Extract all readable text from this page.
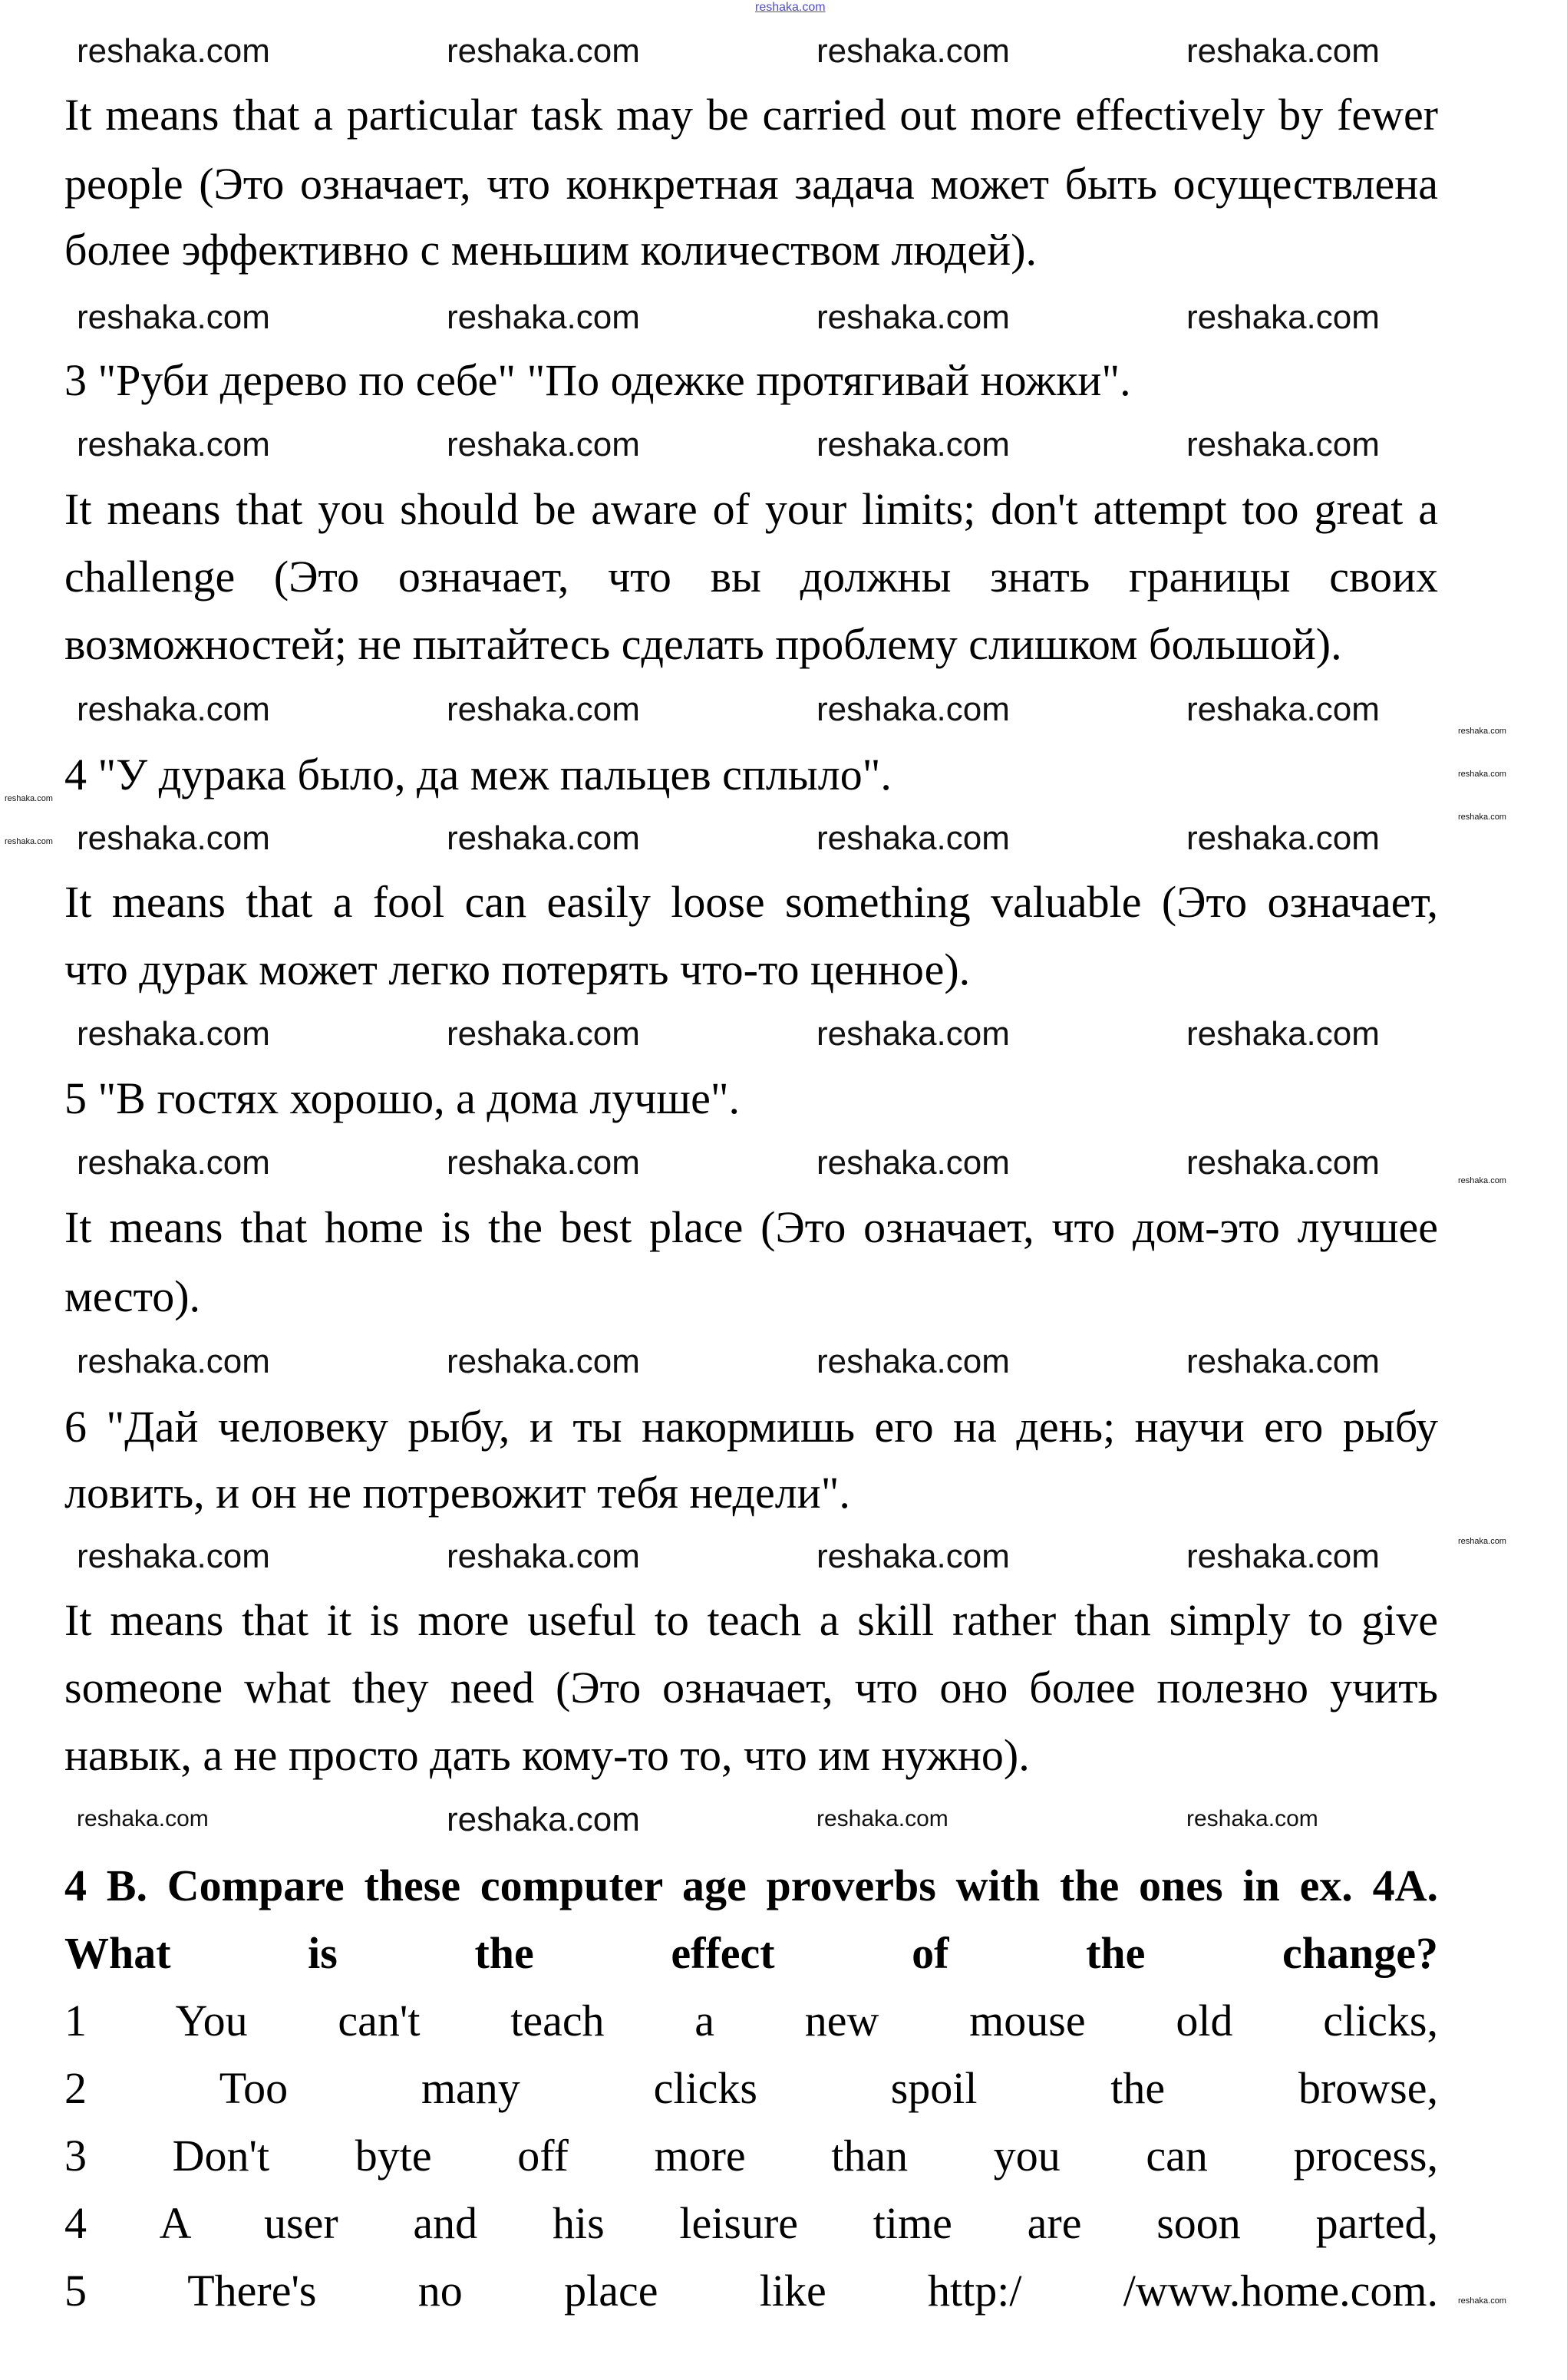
reshaka.com
It means that a particular task may be carried out more effectively by fewer
people (Это означает, что конкретная задача может быть осуществлена
более эффективно с меньшим количеством людей).
3 "Руби дерево по себе" "По одежке протягивай ножки".
It means that you should be aware of your limits; don't attempt too great a
challenge (Это означает, что вы должны знать границы своих
возможностей; не пытайтесь сделать проблему слишком большой).
4 "У дурака было, да меж пальцев сплыло".
It means that a fool can easily loose something valuable (Это означает,
что дурак может легко потерять что-то ценное).
5 "В гостях хорошо, а дома лучше".
It means that home is the best place (Это означает, что дом-это лучшее
место).
6 "Дай человеку рыбу, и ты накормишь его на день; научи его рыбу
ловить, и он не потревожит тебя недели".
It means that it is more useful to teach a skill rather than simply to give
someone what they need (Это означает, что оно более полезно учить
навык, а не просто дать кому-то то, что им нужно).
4 B. Compare these computer age proverbs with the ones in ex. 4A.
What is the effect of the change?
1 You can't teach a new mouse old clicks,
2 Too many clicks spoil the browse,
3 Don't byte off more than you can process,
4 A user and his leisure time are soon parted,
5 There's no place like http:/ /www.home.com.
reshaka.com	reshaka.com	reshaka.com	reshaka.com
reshaka.com	reshaka.com	reshaka.com	reshaka.com
reshaka.com	reshaka.com	reshaka.com	reshaka.com
reshaka.com	reshaka.com	reshaka.com	reshaka.com
reshaka.com	reshaka.com	reshaka.com	reshaka.com
reshaka.com	reshaka.com	reshaka.com	reshaka.com
reshaka.com	reshaka.com	reshaka.com	reshaka.com
reshaka.com	reshaka.com	reshaka.com	reshaka.com
reshaka.com	reshaka.com	reshaka.com	reshaka.com
reshaka.com	reshaka.com	reshaka.com	reshaka.com
reshaka.com
reshaka.com
reshaka.com
reshaka.com
reshaka.com
reshaka.com
reshaka.com
reshaka.com
